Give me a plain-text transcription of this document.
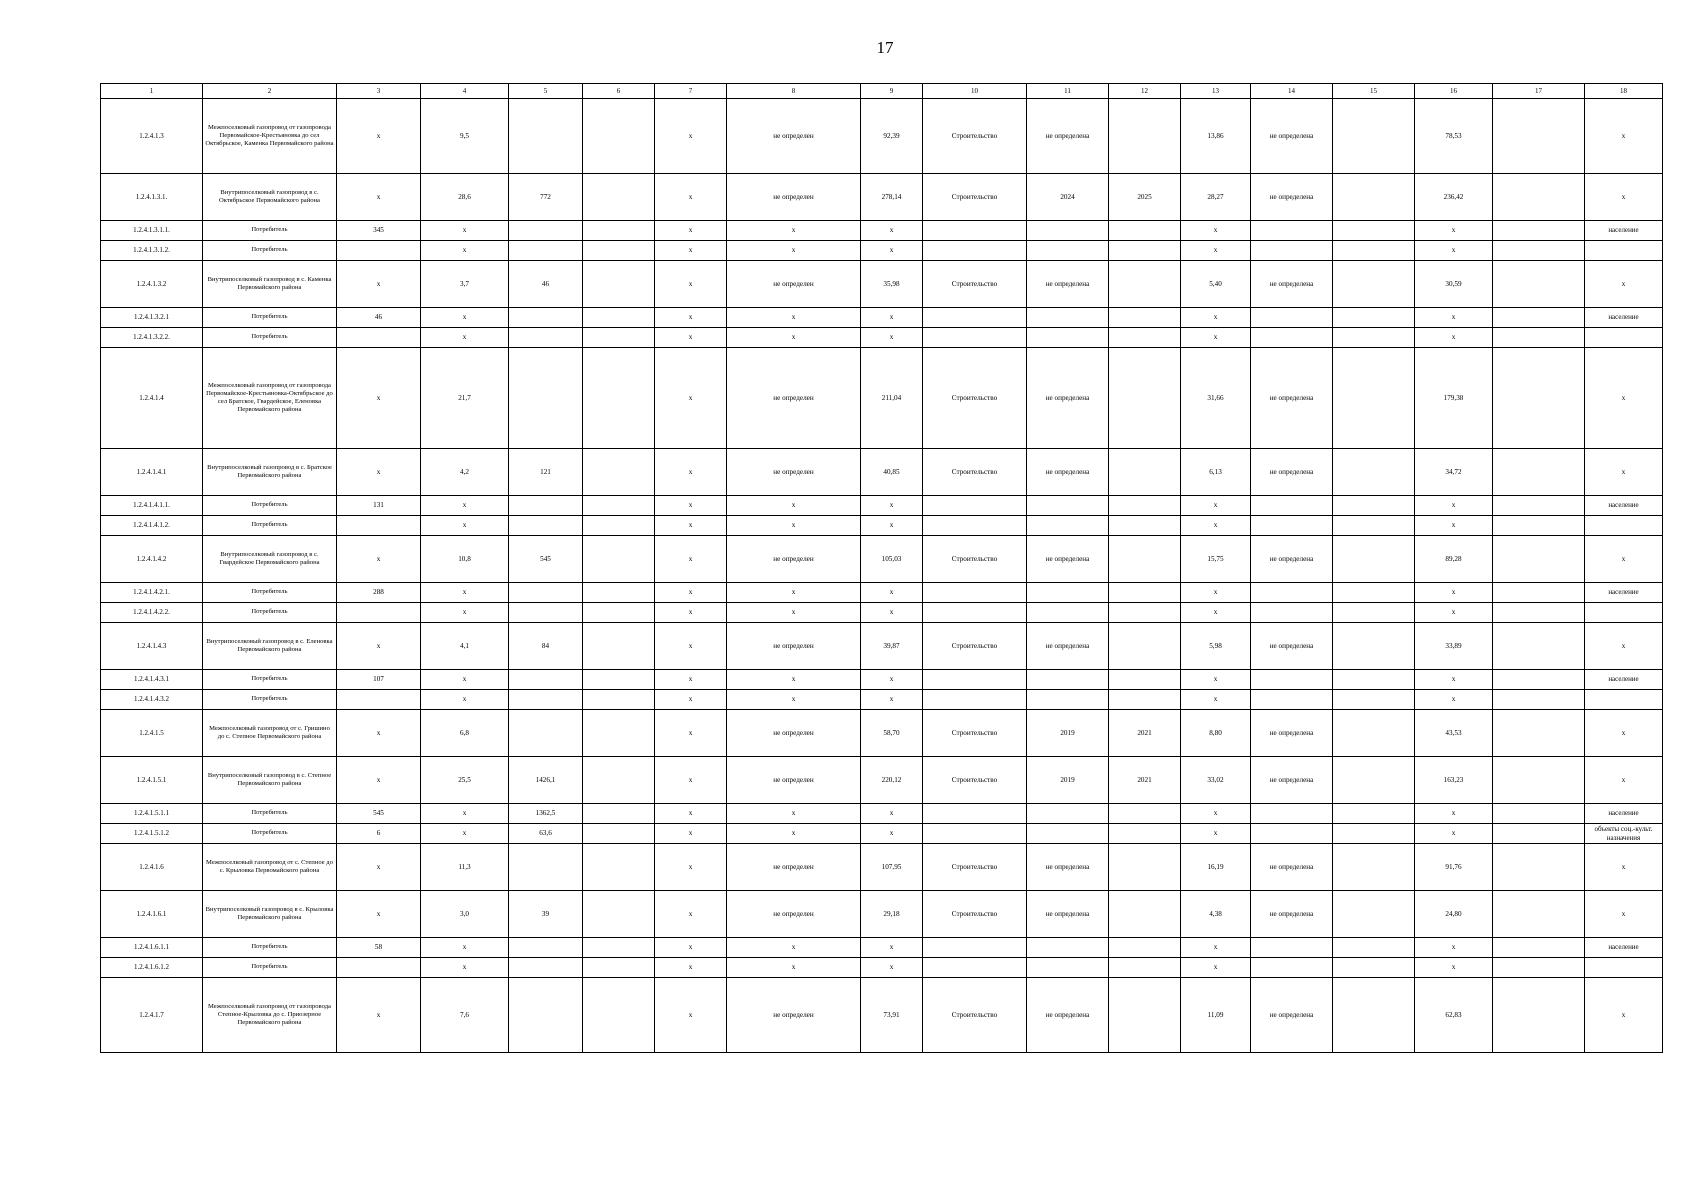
17
1	2	3	4	5	6	7	8	9	10	11	12	13	14	15	16	17	18
1.2.4.1.3	Межпоселковый газопровод от газопровода Первомайское-Крестьяновка до сел Октябрьское, Каменка Первомайского района	x	9,5			x	не определен	92,39	Строительство	не определена		13,86	не определена		78,53		x
1.2.4.1.3.1.	Внутрипоселковый газопровод в с. Октябрьское Первомайского района	x	28,6	772		x	не определен	278,14	Строительство	2024	2025	28,27	не определена		236,42		x
1.2.4.1.3.1.1.	Потребитель	345	x			x	x	x				x			x		население
1.2.4.1.3.1.2.	Потребитель		x			x	x	x				x			x		
1.2.4.1.3.2	Внутрипоселковый газопровод в с. Каменка Первомайского района	x	3,7	46		x	не определен	35,98	Строительство	не определена		5,40	не определена		30,59		x
1.2.4.1.3.2.1	Потребитель	46	x			x	x	x				x			x		население
1.2.4.1.3.2.2.	Потребитель		x			x	x	x				x			x		
1.2.4.1.4	Межпоселковый газопровод от газопровода Первомайское-Крестьяновка-Октябрьское до сел Братское, Гвардейское, Еленовка Первомайского района	x	21,7			x	не определен	211,04	Строительство	не определена		31,66	не определена		179,38		x
1.2.4.1.4.1	Внутрипоселковый газопровод в с. Братское Первомайского района	x	4,2	121		x	не определен	40,85	Строительство	не определена		6,13	не определена		34,72		x
1.2.4.1.4.1.1.	Потребитель	131	x			x	x	x				x			x		население
1.2.4.1.4.1.2.	Потребитель		x			x	x	x				x			x		
1.2.4.1.4.2	Внутрипоселковый газопровод в с. Гвардейское Первомайского района	x	10,8	545		x	не определен	105,03	Строительство	не определена		15,75	не определена		89,28		x
1.2.4.1.4.2.1.	Потребитель	288	x			x	x	x				x			x		население
1.2.4.1.4.2.2.	Потребитель		x			x	x	x				x			x		
1.2.4.1.4.3	Внутрипоселковый газопровод в с. Еленовка Первомайского района	x	4,1	84		x	не определен	39,87	Строительство	не определена		5,98	не определена		33,89		x
1.2.4.1.4.3.1	Потребитель	107	x			x	x	x				x			x		население
1.2.4.1.4.3.2	Потребитель		x			x	x	x				x			x		
1.2.4.1.5	Межпоселковый газопровод от с. Гришино до с. Степное Первомайского района	x	6,8			x	не определен	58,70	Строительство	2019	2021	8,80	не определена		43,53		x
1.2.4.1.5.1	Внутрипоселковый газопровод в с. Степное Первомайского района	x	25,5	1426,1		x	не определен	220,12	Строительство	2019	2021	33,02	не определена		163,23		x
1.2.4.1.5.1.1	Потребитель	545	x	1362,5		x	x	x				x			x		население
1.2.4.1.5.1.2	Потребитель	6	x	63,6		x	x	x				x			x		объекты соц.-культ. назначения
1.2.4.1.6	Межпоселковый газопровод от с. Степное до с. Крыловка Первомайского района	x	11,3			x	не определен	107,95	Строительство	не определена		16,19	не определена		91,76		x
1.2.4.1.6.1	Внутрипоселковый газопровод в с. Крыловка Первомайского района	x	3,0	39		x	не определен	29,18	Строительство	не определена		4,38	не определена		24,80		x
1.2.4.1.6.1.1	Потребитель	58	x			x	x	x				x			x		население
1.2.4.1.6.1.2	Потребитель		x			x	x	x				x			x		
1.2.4.1.7	Межпоселковый газопровод от газопровода Степное-Крыловка до с. Приозерное Первомайского района	x	7,6			x	не определен	73,91	Строительство	не определена		11,09	не определена		62,83		x
